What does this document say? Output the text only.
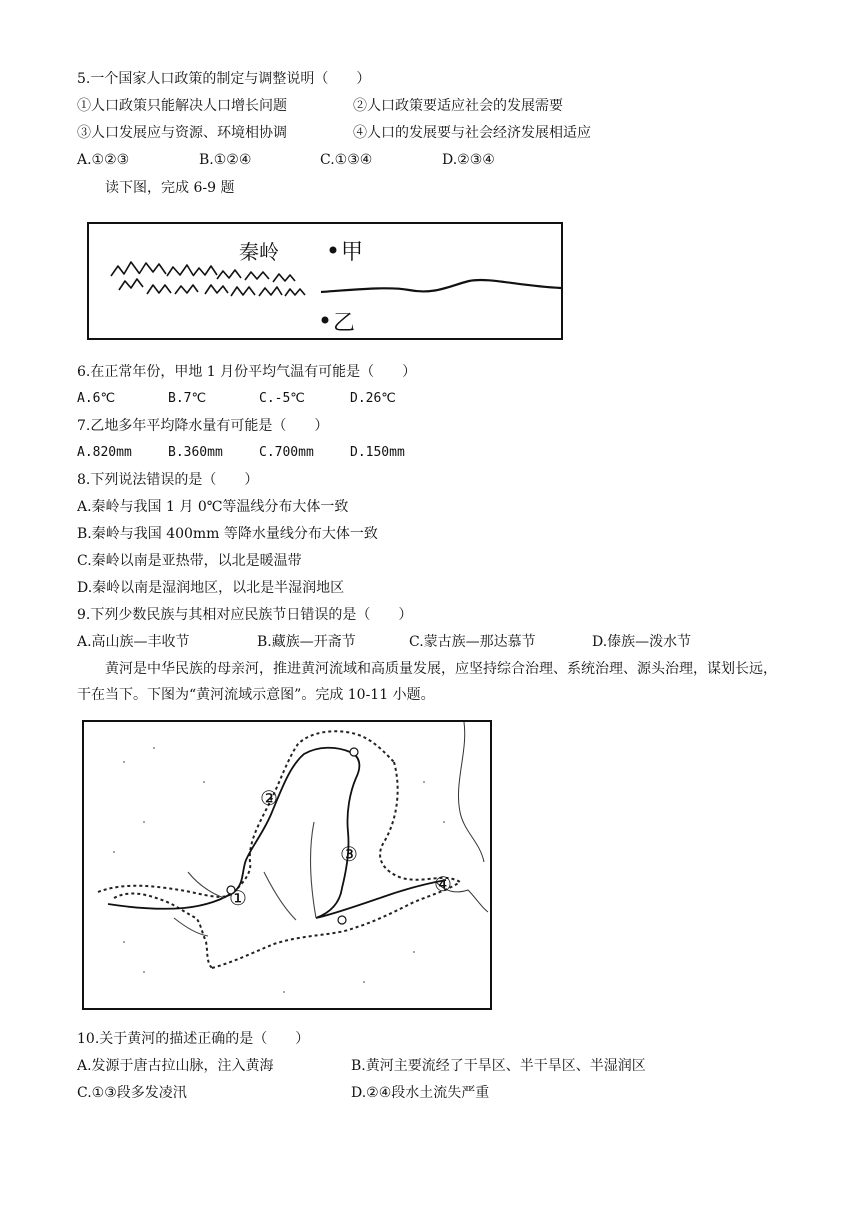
5.一个国家人口政策的制定与调整说明（　　）
①人口政策只能解决人口增长问题	②人口政策要适应社会的发展需要
③人口发展应与资源、环境相协调	④人口的发展要与社会经济发展相适应
A.①②③	B.①②④	C.①③④	D.②③④
读下图，完成 6-9 题
秦岭	甲
乙
6.在正常年份，甲地 1 月份平均气温有可能是（　　）
A.6℃	B.7℃	C.-5℃	D.26℃
7.乙地多年平均降水量有可能是（　　）
A.820mm	B.360mm	C.700mm	D.150mm
8.下列说法错误的是（　　）
A.秦岭与我国 1 月 0℃等温线分布大体一致
B.秦岭与我国 400mm 等降水量线分布大体一致
C.秦岭以南是亚热带，以北是暖温带
D.秦岭以南是湿润地区，以北是半湿润地区
9.下列少数民族与其相对应民族节日错误的是（　　）
A.高山族—丰收节	B.藏族—开斋节	C.蒙古族—那达慕节	D.傣族—泼水节
黄河是中华民族的母亲河，推进黄河流域和高质量发展，应坚持综合治理、系统治理、源头治理，谋划长远，干在当下。下图为“黄河流域示意图”。完成 10-11 小题。
②
③
①
④
10.关于黄河的描述正确的是（　　）
A.发源于唐古拉山脉，注入黄海	B.黄河主要流经了干旱区、半干旱区、半湿润区
C.①③段多发凌汛	D.②④段水土流失严重
